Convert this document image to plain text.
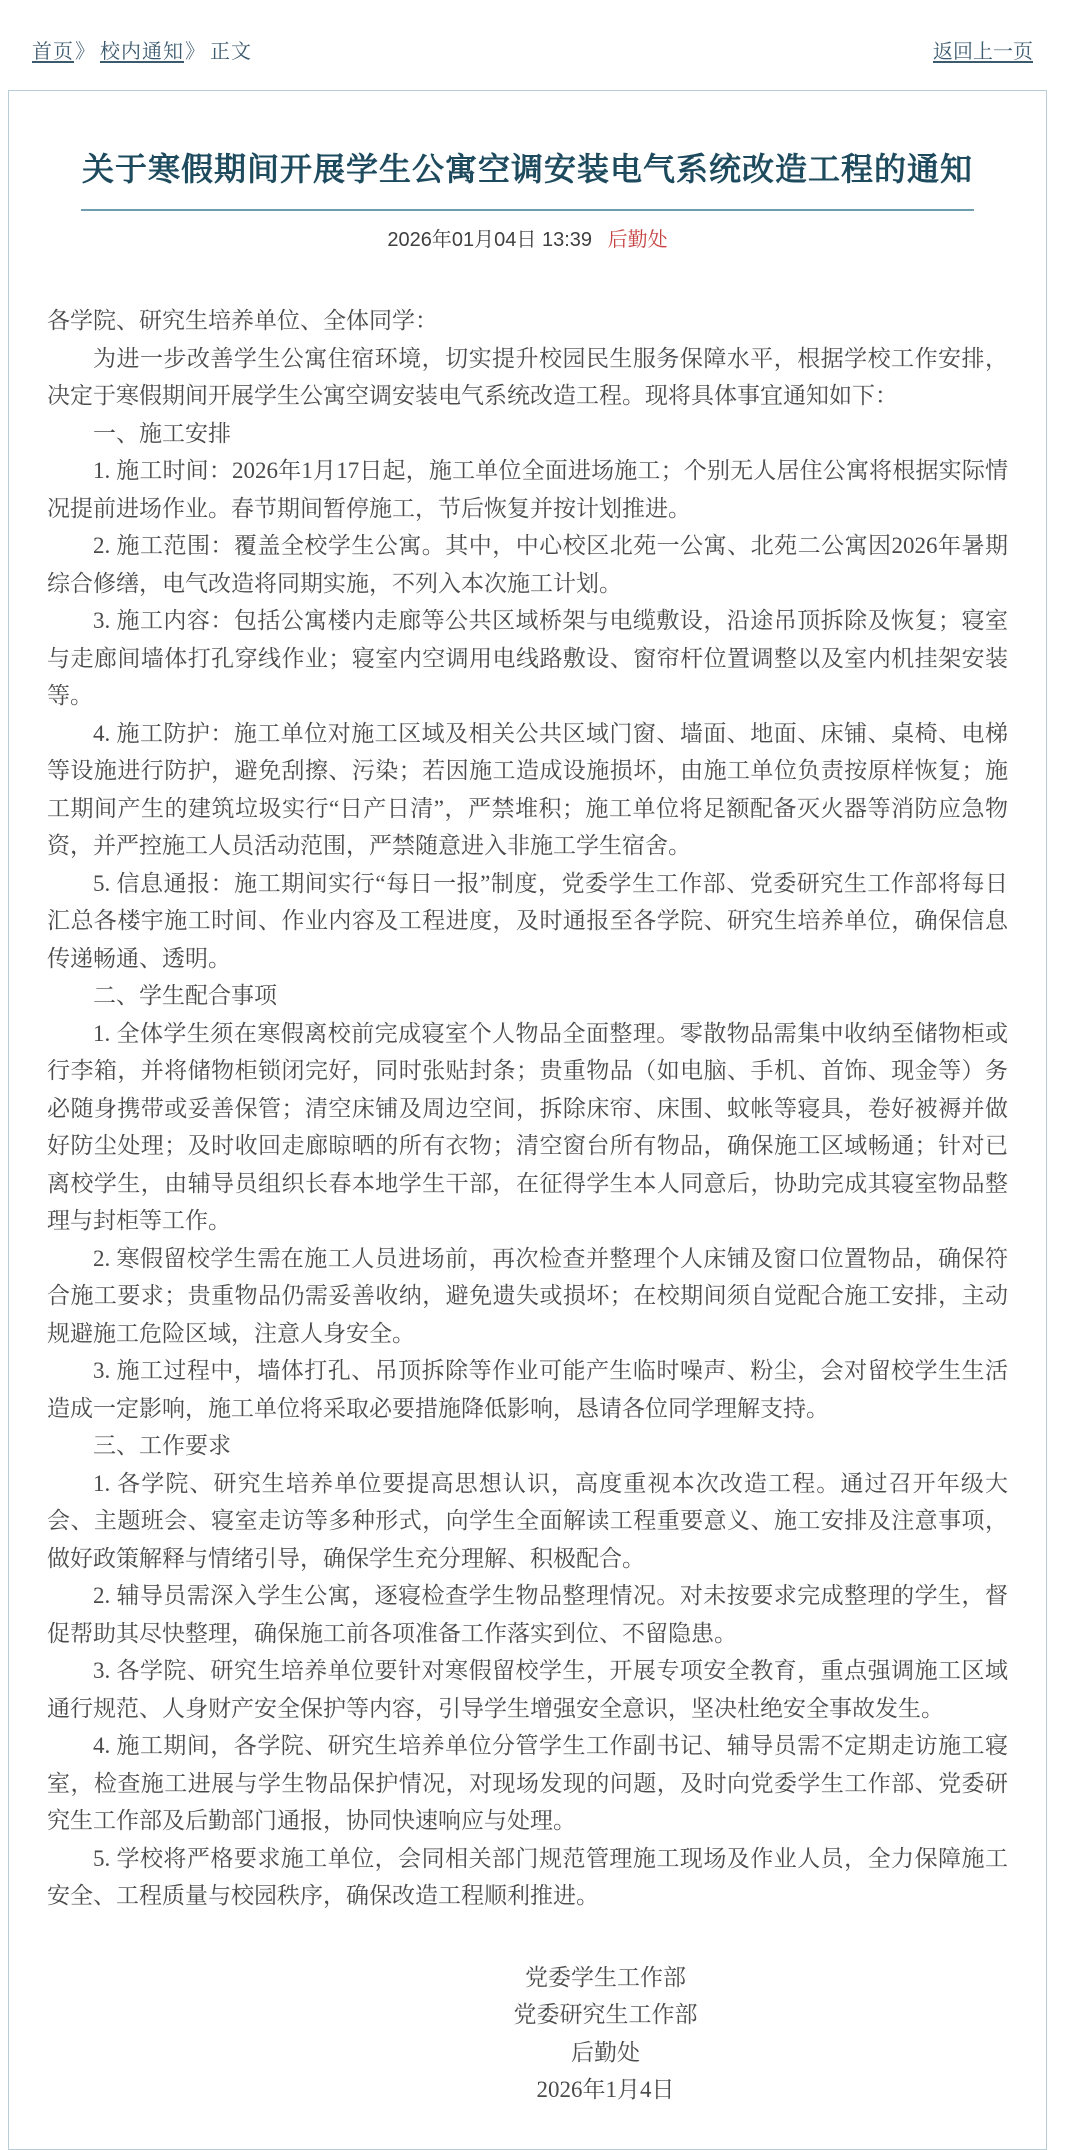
首页》 校内通知》 正文	返回上一页
关于寒假期间开展学生公寓空调安装电气系统改造工程的通知
2026年01月04日 13:39 后勤处

各学院、研究生培养单位、全体同学：

为进一步改善学生公寓住宿环境，切实提升校园民生服务保障水平，根据学校工作安排，决定于寒假期间开展学生公寓空调安装电气系统改造工程。现将具体事宜通知如下：

一、施工安排

1. 施工时间：2026年1月17日起，施工单位全面进场施工；个别无人居住公寓将根据实际情况提前进场作业。春节期间暂停施工，节后恢复并按计划推进。

2. 施工范围：覆盖全校学生公寓。其中，中心校区北苑一公寓、北苑二公寓因2026年暑期综合修缮，电气改造将同期实施，不列入本次施工计划。

3. 施工内容：包括公寓楼内走廊等公共区域桥架与电缆敷设，沿途吊顶拆除及恢复；寝室与走廊间墙体打孔穿线作业；寝室内空调用电线路敷设、窗帘杆位置调整以及室内机挂架安装等。

4. 施工防护：施工单位对施工区域及相关公共区域门窗、墙面、地面、床铺、桌椅、电梯等设施进行防护，避免刮擦、污染；若因施工造成设施损坏，由施工单位负责按原样恢复；施工期间产生的建筑垃圾实行“日产日清”，严禁堆积；施工单位将足额配备灭火器等消防应急物资，并严控施工人员活动范围，严禁随意进入非施工学生宿舍。

5. 信息通报：施工期间实行“每日一报”制度，党委学生工作部、党委研究生工作部将每日汇总各楼宇施工时间、作业内容及工程进度，及时通报至各学院、研究生培养单位，确保信息传递畅通、透明。

二、学生配合事项

1. 全体学生须在寒假离校前完成寝室个人物品全面整理。零散物品需集中收纳至储物柜或行李箱，并将储物柜锁闭完好，同时张贴封条；贵重物品（如电脑、手机、首饰、现金等）务必随身携带或妥善保管；清空床铺及周边空间，拆除床帘、床围、蚊帐等寝具，卷好被褥并做好防尘处理；及时收回走廊晾晒的所有衣物；清空窗台所有物品，确保施工区域畅通；针对已离校学生，由辅导员组织长春本地学生干部，在征得学生本人同意后，协助完成其寝室物品整理与封柜等工作。

2. 寒假留校学生需在施工人员进场前，再次检查并整理个人床铺及窗口位置物品，确保符合施工要求；贵重物品仍需妥善收纳，避免遗失或损坏；在校期间须自觉配合施工安排，主动规避施工危险区域，注意人身安全。

3. 施工过程中，墙体打孔、吊顶拆除等作业可能产生临时噪声、粉尘，会对留校学生生活造成一定影响，施工单位将采取必要措施降低影响，恳请各位同学理解支持。

三、工作要求

1. 各学院、研究生培养单位要提高思想认识，高度重视本次改造工程。通过召开年级大会、主题班会、寝室走访等多种形式，向学生全面解读工程重要意义、施工安排及注意事项，做好政策解释与情绪引导，确保学生充分理解、积极配合。

2. 辅导员需深入学生公寓，逐寝检查学生物品整理情况。对未按要求完成整理的学生，督促帮助其尽快整理，确保施工前各项准备工作落实到位、不留隐患。

3. 各学院、研究生培养单位要针对寒假留校学生，开展专项安全教育，重点强调施工区域通行规范、人身财产安全保护等内容，引导学生增强安全意识，坚决杜绝安全事故发生。

4. 施工期间，各学院、研究生培养单位分管学生工作副书记、辅导员需不定期走访施工寝室，检查施工进展与学生物品保护情况，对现场发现的问题，及时向党委学生工作部、党委研究生工作部及后勤部门通报，协同快速响应与处理。

5. 学校将严格要求施工单位，会同相关部门规范管理施工现场及作业人员，全力保障施工安全、工程质量与校园秩序，确保改造工程顺利推进。

党委学生工作部
党委研究生工作部
后勤处
2026年1月4日
